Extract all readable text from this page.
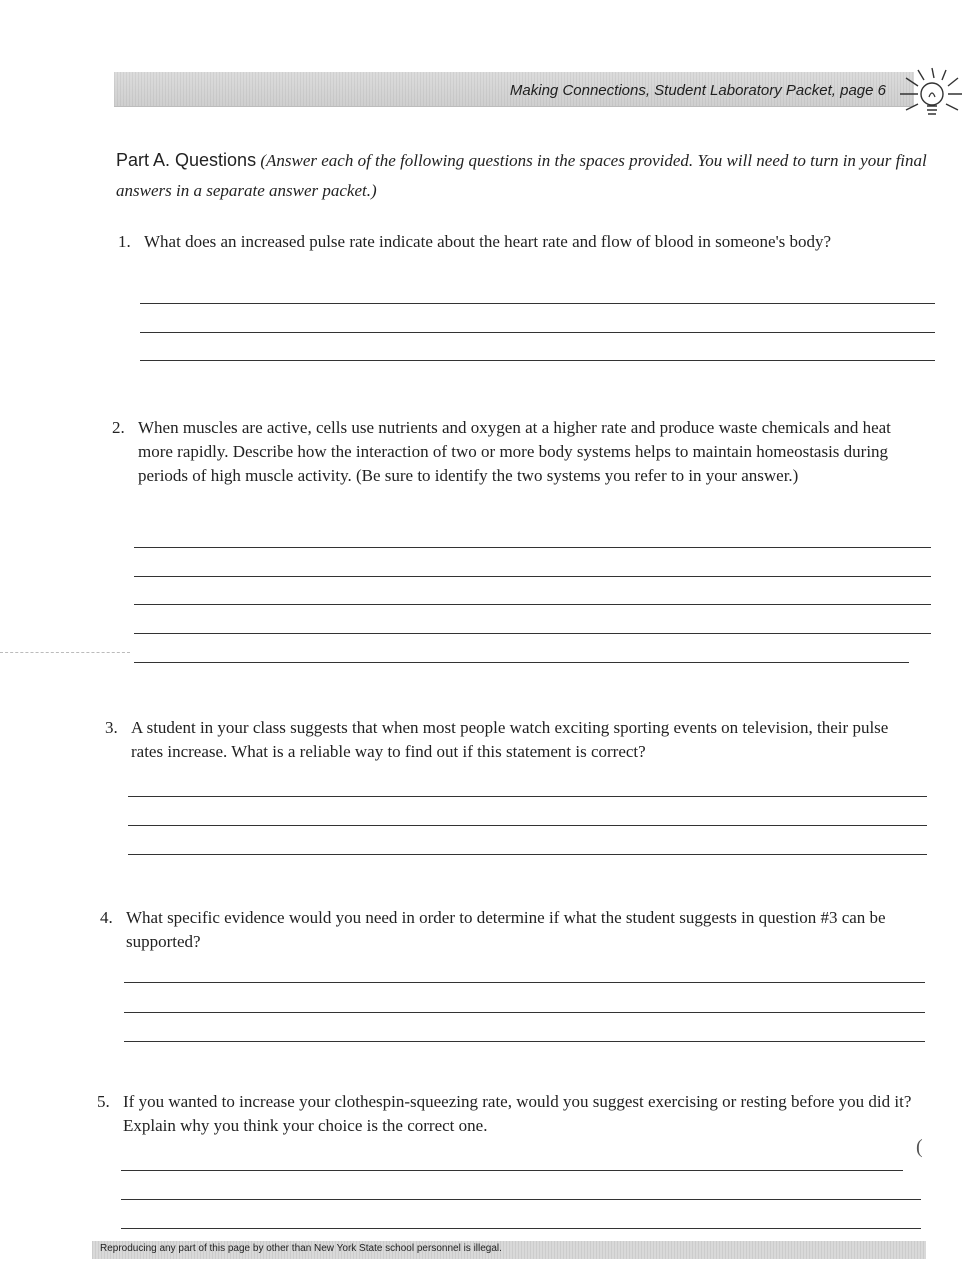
Making Connections, Student Laboratory Packet, page 6
Part A. Questions (Answer each of the following questions in the spaces provided. You will need to turn in your final answers in a separate answer packet.)
1. What does an increased pulse rate indicate about the heart rate and flow of blood in someone's body?
2. When muscles are active, cells use nutrients and oxygen at a higher rate and produce waste chemicals and heat more rapidly. Describe how the interaction of two or more body systems helps to maintain homeostasis during periods of high muscle activity. (Be sure to identify the two systems you refer to in your answer.)
3. A student in your class suggests that when most people watch exciting sporting events on television, their pulse rates increase. What is a reliable way to find out if this statement is correct?
4. What specific evidence would you need in order to determine if what the student suggests in question #3 can be supported?
5. If you wanted to increase your clothespin-squeezing rate, would you suggest exercising or resting before you did it? Explain why you think your choice is the correct one.
(
Reproducing any part of this page by other than New York State school personnel is illegal.
